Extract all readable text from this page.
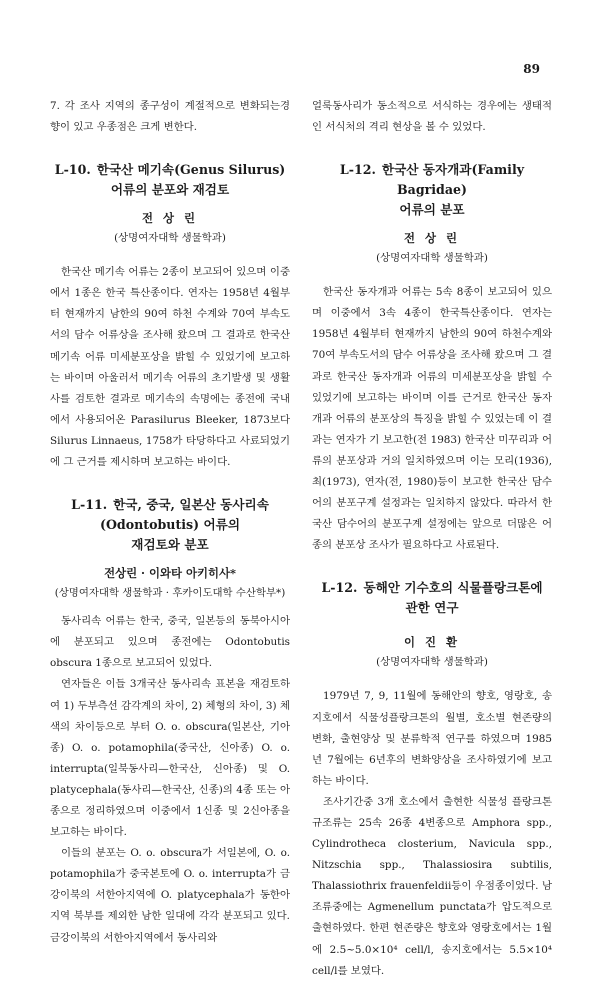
89

7. 각 조사 지역의 종구성이 계절적으로 변화되는경향이 있고 우종점은 크게 변한다.

L-10. 한국산 메기속(Genus Silurus)
어류의 분포와 재검토
전 상 린
(상명여자대학 생물학과)

한국산 메기속 어류는 2종이 보고되어 있으며 이중에서 1종은 한국 특산종이다. 연자는 1958년 4월부터 현재까지 남한의 90여 하천 수계와 70여 부속도서의 담수 어류상을 조사해 왔으며 그 결과로 한국산 메기속 어류 미세분포상을 밝힐 수 있었기에 보고하는 바이며 아울러서 메기속 어류의 초기발생 및 생활사를 검토한 결과로 메기속의 속명에는 종전에 국내에서 사용되어온 Parasilurus Bleeker, 1873보다 Silurus Linnaeus, 1758가 타당하다고 사료되었기에 그 근거를 제시하며 보고하는 바이다.

L-11. 한국, 중국, 일본산 동사리속
(Odontobutis) 어류의
재검토와 분포
전상린 · 이와타 아키히사*
(상명여자대학 생물학과 · 후카이도대학 수산학부*)

동사리속 어류는 한국, 중국, 일본등의 동북아시아에 분포되고 있으며 종전에는 Odontobutis obscura 1종으로 보고되어 있었다.

연자들은 이들 3개국산 동사리속 표본을 재검토하여 1) 두부측선 감각계의 차이, 2) 체형의 차이, 3) 체색의 차이등으로 부터 O. o. obscura(일본산, 기아종) O. o. potamophila(중국산, 신아종) O. o. interrupta(일북동사리—한국산, 신아종) 및 O. platycephala(동사리—한국산, 신종)의 4종 또는 아종으로 정리하였으며 이중에서 1신종 및 2신아종을 보고하는 바이다.

이들의 분포는 O. o. obscura가 서일본에, O. o. potamophila가 중국본토에 O. o. interrupta가 금강이북의 서한아지역에 O. platycephala가 동한아지역 북부를 제외한 남한 일대에 각각 분포되고 있다. 금강이북의 서한아지역에서 동사리와

얼룩동사리가 동소적으로 서식하는 경우에는 생태적인 서식처의 격리 현상을 볼 수 있었다.

L-12. 한국산 동자개과(Family Bagridae)
어류의 분포
전 상 린
(상명여자대학 생물학과)

한국산 동자개과 어류는 5속 8종이 보고되어 있으며 이중에서 3속 4종이 한국특산종이다. 연자는 1958년 4월부터 현재까지 남한의 90여 하천수계와 70여 부속도서의 담수 어류상을 조사해 왔으며 그 결과로 한국산 동자개과 어류의 미세분포상을 밝힐 수 있었기에 보고하는 바이며 이를 근거로 한국산 동자개과 어류의 분포상의 특징을 밝힐 수 있었는데 이 결과는 연자가 기 보고한(전 1983) 한국산 미꾸리과 어류의 분포상과 거의 일치하였으며 이는 모리(1936), 최(1973), 연자(전, 1980)등이 보고한 한국산 담수어의 분포구계 설정과는 일치하지 않았다. 따라서 한국산 담수어의 분포구계 설정에는 앞으로 더많은 어종의 분포상 조사가 필요하다고 사료된다.

L-12. 동해안 기수호의 식물플랑크톤에
관한 연구
이 진 환
(상명여자대학 생물학과)

1979년 7, 9, 11월에 동해안의 향호, 영랑호, 송지호에서 식물성플랑크톤의 월별, 호소별 현존량의 변화, 출현양상 및 분류학적 연구를 하였으며 1985년 7월에는 6년후의 변화양상을 조사하였기에 보고하는 바이다.

조사기간중 3개 호소에서 출현한 식물성 플랑크톤 규조류는 25속 26종 4변종으로 Amphora spp., Cylindrotheca closterium, Navicula spp., Nitzschia spp., Thalassiosira subtilis, Thalassiothrix frauenfeldii등이 우점종이었다. 남조류중에는 Agmenellum punctata가 압도적으로 출현하였다. 한편 현존량은 향호와 영랑호에서는 1월에 2.5~5.0×10⁴ cell/l, 송지호에서는 5.5×10⁴ cell/l를 보였다.
